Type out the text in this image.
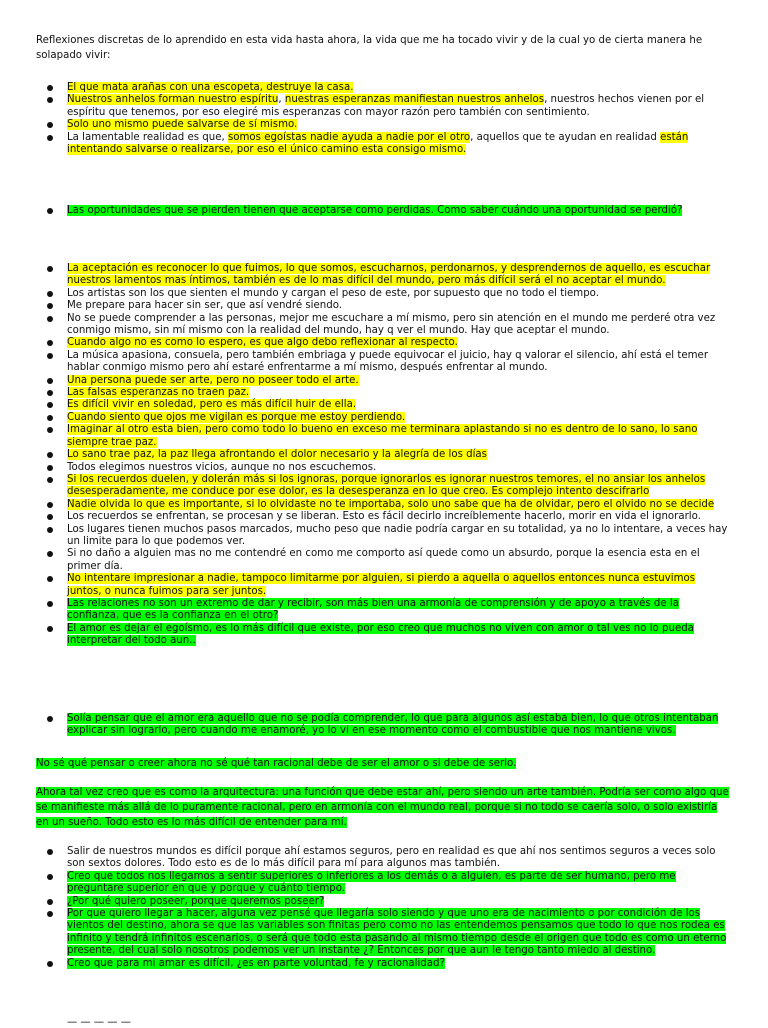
Reflexiones discretas de lo aprendido en esta vida hasta ahora, la vida que me ha tocado vivir y de la cual yo de cierta manera he solapado vivir:

El que mata arañas con una escopeta, destruye la casa.
Nuestros anhelos forman nuestro espíritu, nuestras esperanzas manifiestan nuestros anhelos, nuestros hechos vienen por el espíritu que tenemos, por eso elegiré mis esperanzas con mayor razón pero también con sentimiento.
Solo uno mismo puede salvarse de sí mismo.
La lamentable realidad es que, somos egoístas nadie ayuda a nadie por el otro, aquellos que te ayudan en realidad están intentando salvarse o realizarse, por eso el único camino esta consigo mismo.
Las oportunidades que se pierden tienen que aceptarse como perdidas. Como saber cuándo una oportunidad se perdió?
La aceptación es reconocer lo que fuimos, lo que somos, escucharnos, perdonarnos, y desprendernos de aquello, es escuchar nuestros lamentos mas íntimos, también es de lo mas difícil del mundo, pero más difícil será el no aceptar el mundo.
Los artistas son los que sienten el mundo y cargan el peso de este, por supuesto que no todo el tiempo.
Me prepare para hacer sin ser, que así vendré siendo.
No se puede comprender a las personas, mejor me escuchare a mí mismo, pero sin atención en el mundo me perderé otra vez conmigo mismo, sin mí mismo con la realidad del mundo, hay q ver el mundo. Hay que aceptar el mundo.
Cuando algo no es como lo espero, es que algo debo reflexionar al respecto.
La música apasiona, consuela, pero también embriaga y puede equivocar el juicio, hay q valorar el silencio, ahí está el temer hablar conmigo mismo pero ahí estaré enfrentarme a mí mismo, después enfrentar al mundo.
Una persona puede ser arte, pero no poseer todo el arte.
Las falsas esperanzas no traen paz.
Es difícil vivir en soledad, pero es más difícil huir de ella.
Cuando siento que ojos me vigilan es porque me estoy perdiendo.
Imaginar al otro esta bien, pero como todo lo bueno en exceso me terminara aplastando si no es dentro de lo sano, lo sano siempre trae paz.
Lo sano trae paz, la paz llega afrontando el dolor necesario y la alegría de los días
Todos elegimos nuestros vicios, aunque no nos escuchemos.
Si los recuerdos duelen, y dolerán más si los ignoras, porque ignorarlos es ignorar nuestros temores, el no ansiar los anhelos desesperadamente, me conduce por ese dolor, es la desesperanza en lo que creo. Es complejo intento descifrarlo
Nadie olvida lo que es importante, si lo olvidaste no te importaba, solo uno sabe que ha de olvidar, pero el olvido no se decide
Los recuerdos se enfrentan, se procesan y se liberan. Esto es fácil decirlo increíblemente hacerlo, morir en vida el ignorarlo.
Los lugares tienen muchos pasos marcados, mucho peso que nadie podría cargar en su totalidad, ya no lo intentare, a veces hay un limite para lo que podemos ver.
Si no daño a alguien mas no me contendré en como me comporto así quede como un absurdo, porque la esencia esta en el primer día.
No intentare impresionar a nadie, tampoco limitarme por alguien, si pierdo a aquella o aquellos entonces nunca estuvimos juntos, o nunca fuimos para ser juntos.
Las relaciones no son un extremo de dar y recibir, son más bien una armonía de comprensión y de apoyo a través de la confianza, que es la confianza en el otro?
El amor es dejar el egoísmo, es lo más difícil que existe, por eso creo que muchos no viven con amor o tal ves no lo pueda interpretar del todo aun..
Solía pensar que el amor era aquello que no se podía comprender, lo que para algunos así estaba bien, lo que otros intentaban explicar sin lograrlo, pero cuando me enamoré, yo lo vi en ese momento como el combustible que nos mantiene vivos.

No sé qué pensar o creer ahora no sé qué tan racional debe de ser el amor o si debe de serlo.

Ahora tal vez creo que es como la arquitectura: una función que debe estar ahí, pero siendo un arte también. Podría ser como algo que se manifieste más allá de lo puramente racional, pero en armonía con el mundo real, porque si no todo se caería solo, o solo existiría en un sueño. Todo esto es lo más difícil de entender para mí.

Salir de nuestros mundos es difícil porque ahí estamos seguros, pero en realidad es que ahí nos sentimos seguros a veces solo son sextos dolores. Todo esto es de lo más difícil para mí para algunos mas también.
Creo que todos nos llegamos a sentir superiores o inferiores a los demás o a alguien, es parte de ser humano, pero me preguntare superior en que y porque y cuánto tiempo.
¿Por qué quiero poseer, porque queremos poseer?
Por que quiero llegar a hacer, alguna vez pensé que llegaría solo siendo y que uno era de nacimiento o por condición de los vientos del destino, ahora se que las variables son finitas pero como no las entendemos pensamos que todo lo que nos rodea es infinito y tendrá infinitos escenarios, o será que todo esta pasando al mismo tiempo desde el origen que todo es como un eterno presente, del cual solo nosotros podemos ver un instante ¿? Entonces por que aun le tengo tanto miedo al destino.
Creo que para mi amar es difícil, ¿es en parte voluntad, fe y racionalidad?
— — — — —
